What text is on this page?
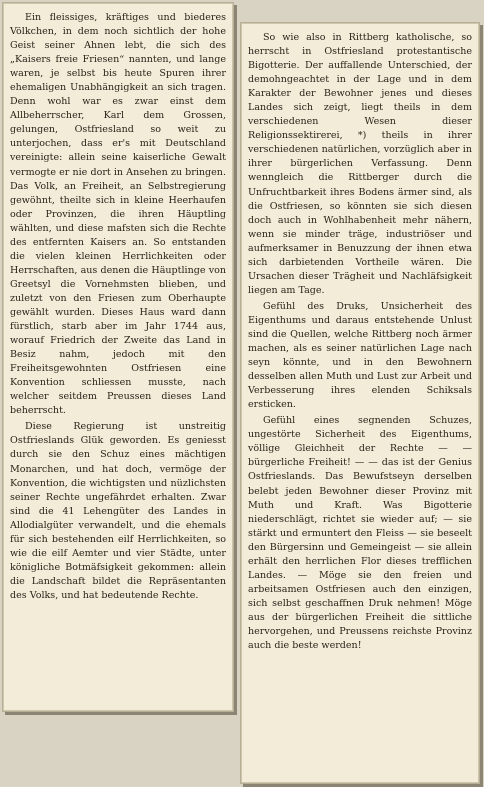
Ein fleissiges, kräftiges und biederes Völkchen, in dem noch sichtlich der hohe Geist seiner Ahnen lebt, die sich des „Kaisers freie Friesen“ nannten, und lange waren, je selbst bis heute Spuren ihrer ehemaligen Unabhängigkeit an sich tragen. Denn wohl war es zwar einst dem Allbeherrscher, Karl dem Grossen, gelungen, Ostfriesland so weit zu unterjochen, dass er's mit Deutschland vereinigte: allein seine kaiserliche Gewalt vermogte er nie dort in Ansehen zu bringen. Das Volk, an Freiheit, an Selbstregierung gewöhnt, theilte sich in kleine Heerhaufen oder Provinzen, die ihren Häuptling wählten, und diese mafsten sich die Rechte des entfernten Kaisers an. So entstanden die vielen kleinen Herrlichkeiten oder Herrschaften, aus denen die Häuptlinge von Greetsyl die Vornehmsten blieben, und zuletzt von den Friesen zum Oberhaupte gewählt wurden. Dieses Haus ward dann fürstlich, starb aber im Jahr 1744 aus, worauf Friedrich der Zweite das Land in Besiz nahm, jedoch mit den Freiheitsgewohnten Ostfriesen eine Konvention schliessen musste, nach welcher seitdem Preussen dieses Land beherrscht.

Diese Regierung ist unstreitig Ostfrieslands Glük geworden. Es geniesst durch sie den Schuz eines mächtigen Monarchen, und hat doch, vermöge der Konvention, die wichtigsten und nüzlichsten seiner Rechte ungefährdet erhalten. Zwar sind die 41 Lehengüter des Landes in Allodialgüter verwandelt, und die ehemals für sich bestehenden eilf Herrlichkeiten, so wie die eilf Aemter und vier Städte, unter königliche Botmäfsigkeit gekommen: allein die Landschaft bildet die Repräsentanten des Volks, und hat bedeutende Rechte.

So wie also in Rittberg katholische, so herrscht in Ostfriesland protestantische Bigotterie. Der auffallende Unterschied, der demohngeachtet in der Lage und in dem Karakter der Bewohner jenes und dieses Landes sich zeigt, liegt theils in dem verschiedenen Wesen dieser Religionssektirerei, *) theils in ihrer verschiedenen natürlichen, vorzüglich aber in ihrer bürgerlichen Verfassung. Denn wenngleich die Rittberger durch die Unfruchtbarkeit ihres Bodens ärmer sind, als die Ostfriesen, so könnten sie sich diesen doch auch in Wohlhabenheit mehr nähern, wenn sie minder träge, industriöser und aufmerksamer in Benuzzung der ihnen etwa sich darbietenden Vortheile wären. Die Ursachen dieser Trägheit und Nachläfsigkeit liegen am Tage.

Gefühl des Druks, Unsicherheit des Eigenthums und daraus entstehende Unlust sind die Quellen, welche Rittberg noch ärmer machen, als es seiner natürlichen Lage nach seyn könnte, und in den Bewohnern desselben allen Muth und Lust zur Arbeit und Verbesserung ihres elenden Schiksals ersticken.

Gefühl eines segnenden Schuzes, ungestörte Sicherheit des Eigenthums, völlige Gleichheit der Rechte — — bürgerliche Freiheit! — — das ist der Genius Ostfrieslands. Das Bewufstseyn derselben belebt jeden Bewohner dieser Provinz mit Muth und Kraft. Was Bigotterie niederschlägt, richtet sie wieder auf; — sie stärkt und ermuntert den Fleiss — sie beseelt den Bürgersinn und Gemeingeist — sie allein erhält den herrlichen Flor dieses trefflichen Landes. — Möge sie den freien und arbeitsamen Ostfriesen auch den einzigen, sich selbst geschaffnen Druk nehmen! Möge aus der bürgerlichen Freiheit die sittliche hervorgehen, und Preussens reichste Provinz auch die beste werden!
